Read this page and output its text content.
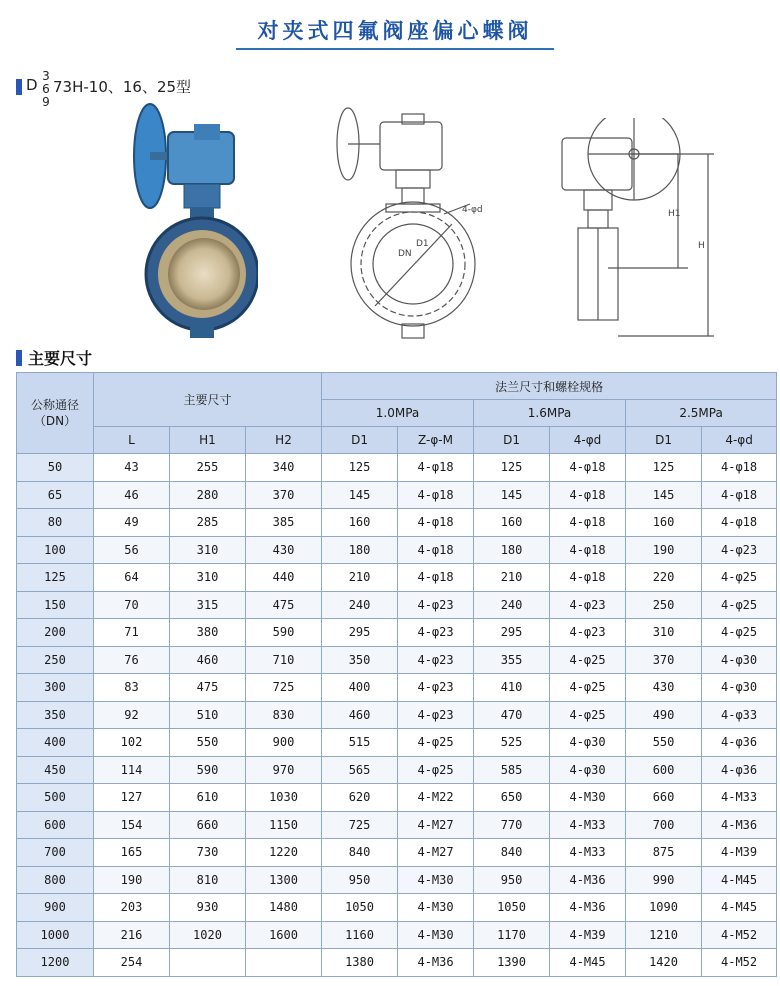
对夹式四氟阀座偏心蝶阀
D 3
6
9
73H-10、16、25型
4-φd
DN
D1
H1
H
主要尺寸
公称通径
（DN）	主要尺寸			法兰尺寸和螺栓规格					
				1.0MPa		1.6MPa		2.5MPa	
	L	H1	H2	D1	Z-φ-M	D1	4-φd	D1	4-φd
50	43	255	340	125	4-φ18	125	4-φ18	125	4-φ18
65	46	280	370	145	4-φ18	145	4-φ18	145	4-φ18
80	49	285	385	160	4-φ18	160	4-φ18	160	4-φ18
100	56	310	430	180	4-φ18	180	4-φ18	190	4-φ23
125	64	310	440	210	4-φ18	210	4-φ18	220	4-φ25
150	70	315	475	240	4-φ23	240	4-φ23	250	4-φ25
200	71	380	590	295	4-φ23	295	4-φ23	310	4-φ25
250	76	460	710	350	4-φ23	355	4-φ25	370	4-φ30
300	83	475	725	400	4-φ23	410	4-φ25	430	4-φ30
350	92	510	830	460	4-φ23	470	4-φ25	490	4-φ33
400	102	550	900	515	4-φ25	525	4-φ30	550	4-φ36
450	114	590	970	565	4-φ25	585	4-φ30	600	4-φ36
500	127	610	1030	620	4-M22	650	4-M30	660	4-M33
600	154	660	1150	725	4-M27	770	4-M33	700	4-M36
700	165	730	1220	840	4-M27	840	4-M33	875	4-M39
800	190	810	1300	950	4-M30	950	4-M36	990	4-M45
900	203	930	1480	1050	4-M30	1050	4-M36	1090	4-M45
1000	216	1020	1600	1160	4-M30	1170	4-M39	1210	4-M52
1200	254			1380	4-M36	1390	4-M45	1420	4-M52
